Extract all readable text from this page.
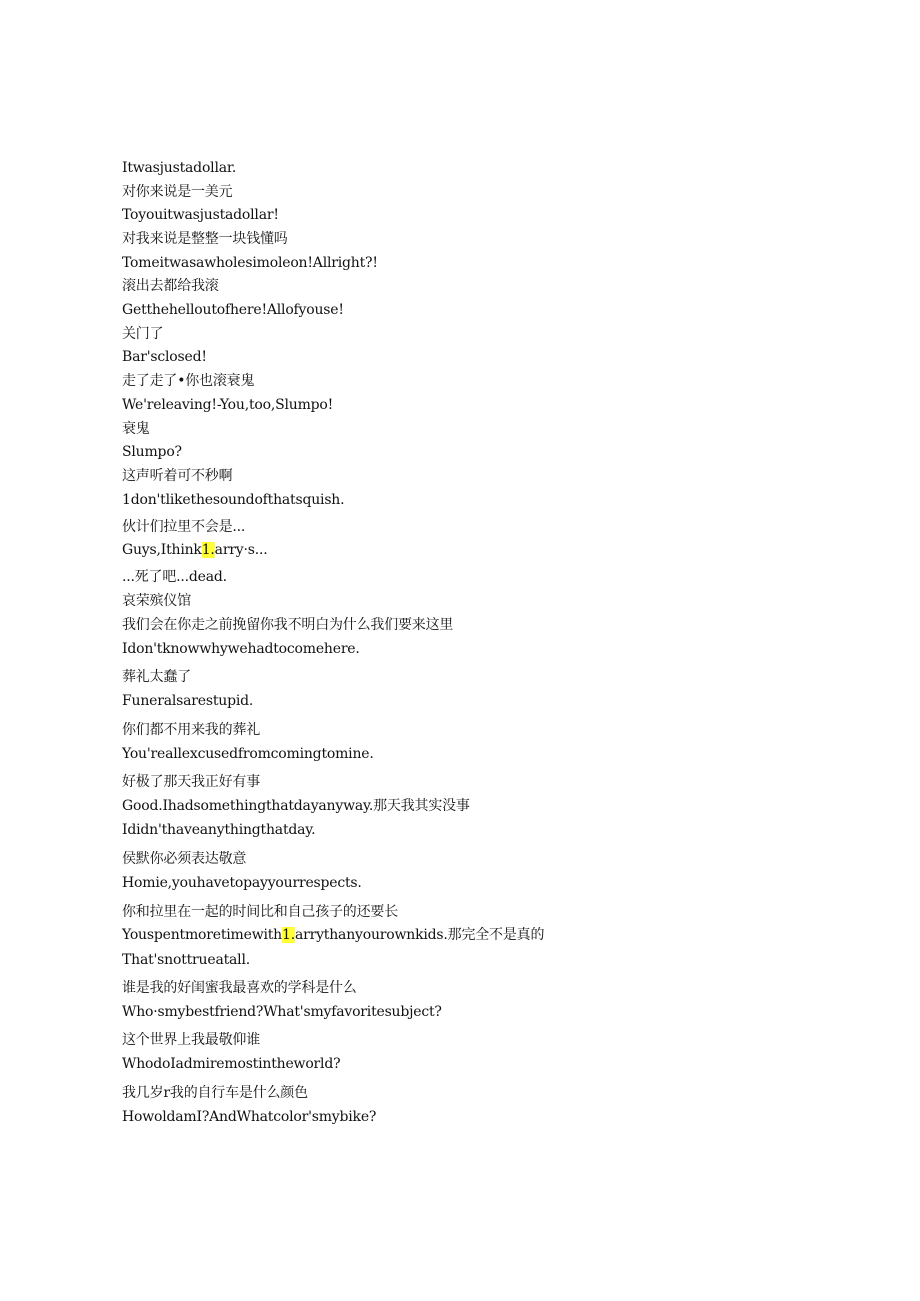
Itwasjustadollar.
对你来说是一美元
Toyouitwasjustadollar!
对我来说是整整一块钱懂吗
Tomeitwasawholesimoleon!Allright?!
滚出去都给我滚
Getthehelloutofhere!Allofyouse!
关门了
Bar'sclosed!
走了走了•你也滚衰鬼
We'releaving!-You,too,Slumpo!
衰鬼
Slumpo?
这声听着可不秒啊
1don'tlikethesoundofthatsquish.
伙计们拉里不会是...
Guys,Ithink1.arry·s...
...死了吧...dead.
哀荣殡仪馆
我们会在你走之前挽留你我不明白为什么我们要来这里
Idon'tknowwhywehadtocomehere.
葬礼太蠢了
Funeralsarestupid.
你们都不用来我的葬礼
You'reallexcusedfromcomingtomine.
好极了那天我正好有事
Good.Ihadsomethingthatdayanyway.那天我其实没事
Ididn'thaveanythingthatday.
侯默你必须表达敬意
Homie,youhavetopayyourrespects.
你和拉里在一起的时间比和自己孩子的还要长
Youspentmoretimewith1.arrythanyourownkids.那完全不是真的
That'snottrueatall.
谁是我的好闺蜜我最喜欢的学科是什么
Who·smybestfriend?What'smyfavoritesubject?
这个世界上我最敬仰谁
WhodoIadmiremostintheworld?
我几岁r我的自行车是什么颜色
HowoldamI?AndWhatcolor'smybike?
